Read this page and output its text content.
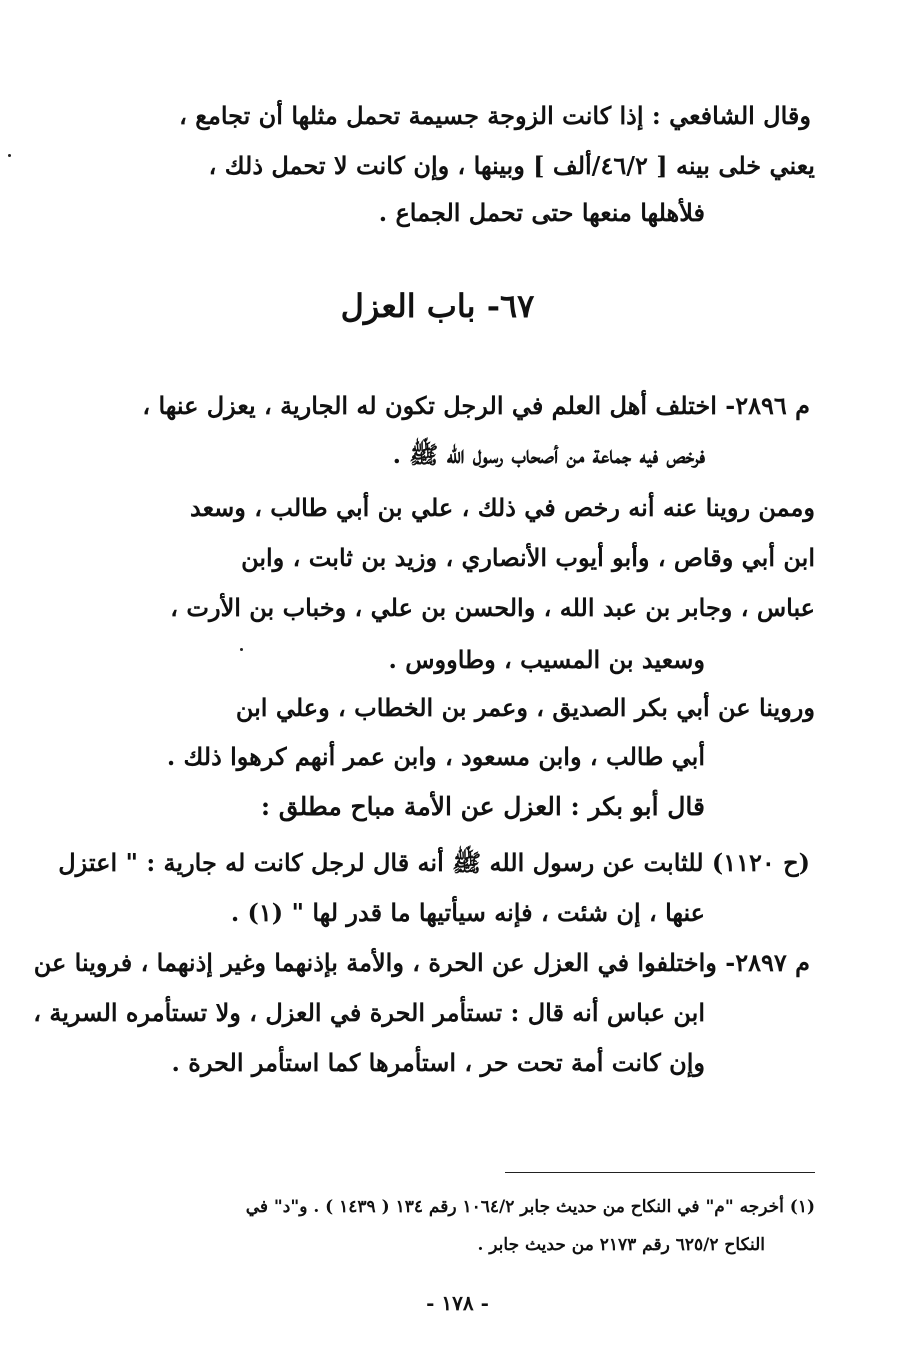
وقال الشافعي : إذا كانت الزوجة جسيمة تحمل مثلها أن تجامع ،
يعني خلى بينه [ ٤٦/٢/ألف ] وبينها ، وإن كانت لا تحمل ذلك ،
فلأهلها منعها حتى تحمل الجماع .
٦٧- باب العزل
م ٢٨٩٦- اختلف أهل العلم في الرجل تكون له الجارية ، يعزل عنها ،
فرخص فيه جماعة من أصحاب رسول الله ﷺ .
وممن روينا عنه أنه رخص في ذلك ، علي بن أبي طالب ، وسعد
ابن أبي وقاص ، وأبو أيوب الأنصاري ، وزيد بن ثابت ، وابن
عباس ، وجابر بن عبد الله ، والحسن بن علي ، وخباب بن الأرت ،
وسعيد بن المسيب ، وطاووس .
وروينا عن أبي بكر الصديق ، وعمر بن الخطاب ، وعلي ابن
أبي طالب ، وابن مسعود ، وابن عمر أنهم كرهوا ذلك .
قال أبو بكر : العزل عن الأمة مباح مطلق :
(ح ١١٢٠) للثابت عن رسول الله ﷺ أنه قال لرجل كانت له جارية : " اعتزل
عنها ، إن شئت ، فإنه سيأتيها ما قدر لها " (١) .
م ٢٨٩٧- واختلفوا في العزل عن الحرة ، والأمة بإذنهما وغير إذنهما ، فروينا عن
ابن عباس أنه قال : تستأمر الحرة في العزل ، ولا تستأمره السرية ،
وإن كانت أمة تحت حر ، استأمرها كما استأمر الحرة .
(١) أخرجه "م" في النكاح من حديث جابر ١٠٦٤/٢ رقم ١٣٤ ( ١٤٣٩ ) . و"د" في
النكاح ٦٢٥/٢ رقم ٢١٧٣ من حديث جابر .
- ١٧٨ -
